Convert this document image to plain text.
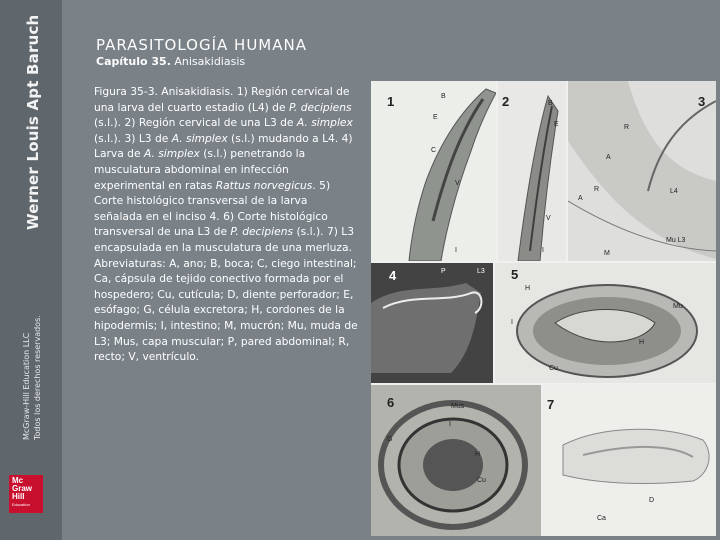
Werner Louis Apt Baruch
McGraw-Hill Education LLC Todos los derechos reservados.
Mc
Graw
Hill
Education
PARASITOLOGÍA HUMANA
Capítulo 35. Anisakidiasis
Figura 35-3. Anisakidiasis. 1) Región cervical de una larva del cuarto estadio (L4) de P. decipiens (s.l.). 2) Región cervical de una L3 de A. simplex (s.l.). 3) L3 de A. simplex (s.l.) mudando a L4. 4) Larva de A. simplex (s.l.) penetrando la musculatura abdominal en infección experimental en ratas Rattus norvegicus. 5) Corte histológico transversal de la larva señalada en el inciso 4. 6) Corte histológico transversal de una L3 de P. decipiens (s.l.). 7) L3 encapsulada en la musculatura de una merluza. Abreviaturas: A, ano; B, boca; C, ciego intestinal; Ca, cápsula de tejido conectivo formada por el hospedero; Cu, cutícula; D, diente perforador; E, esófago; G, célula excretora; H, cordones de la hipodermis; I, intestino; M, mucrón; Mu, muda de L3; Mus, capa muscular; P, pared abdominal; R, recto; V, ventrículo.
1	B
E
C
V
I
2	B
E
V
I
3
R
A
R	L4
A
Mu L3
M
4	P	L3 5
H
Mu
I
H
Cu
6	Mus
I
G
H
Cu
7
D
Ca
